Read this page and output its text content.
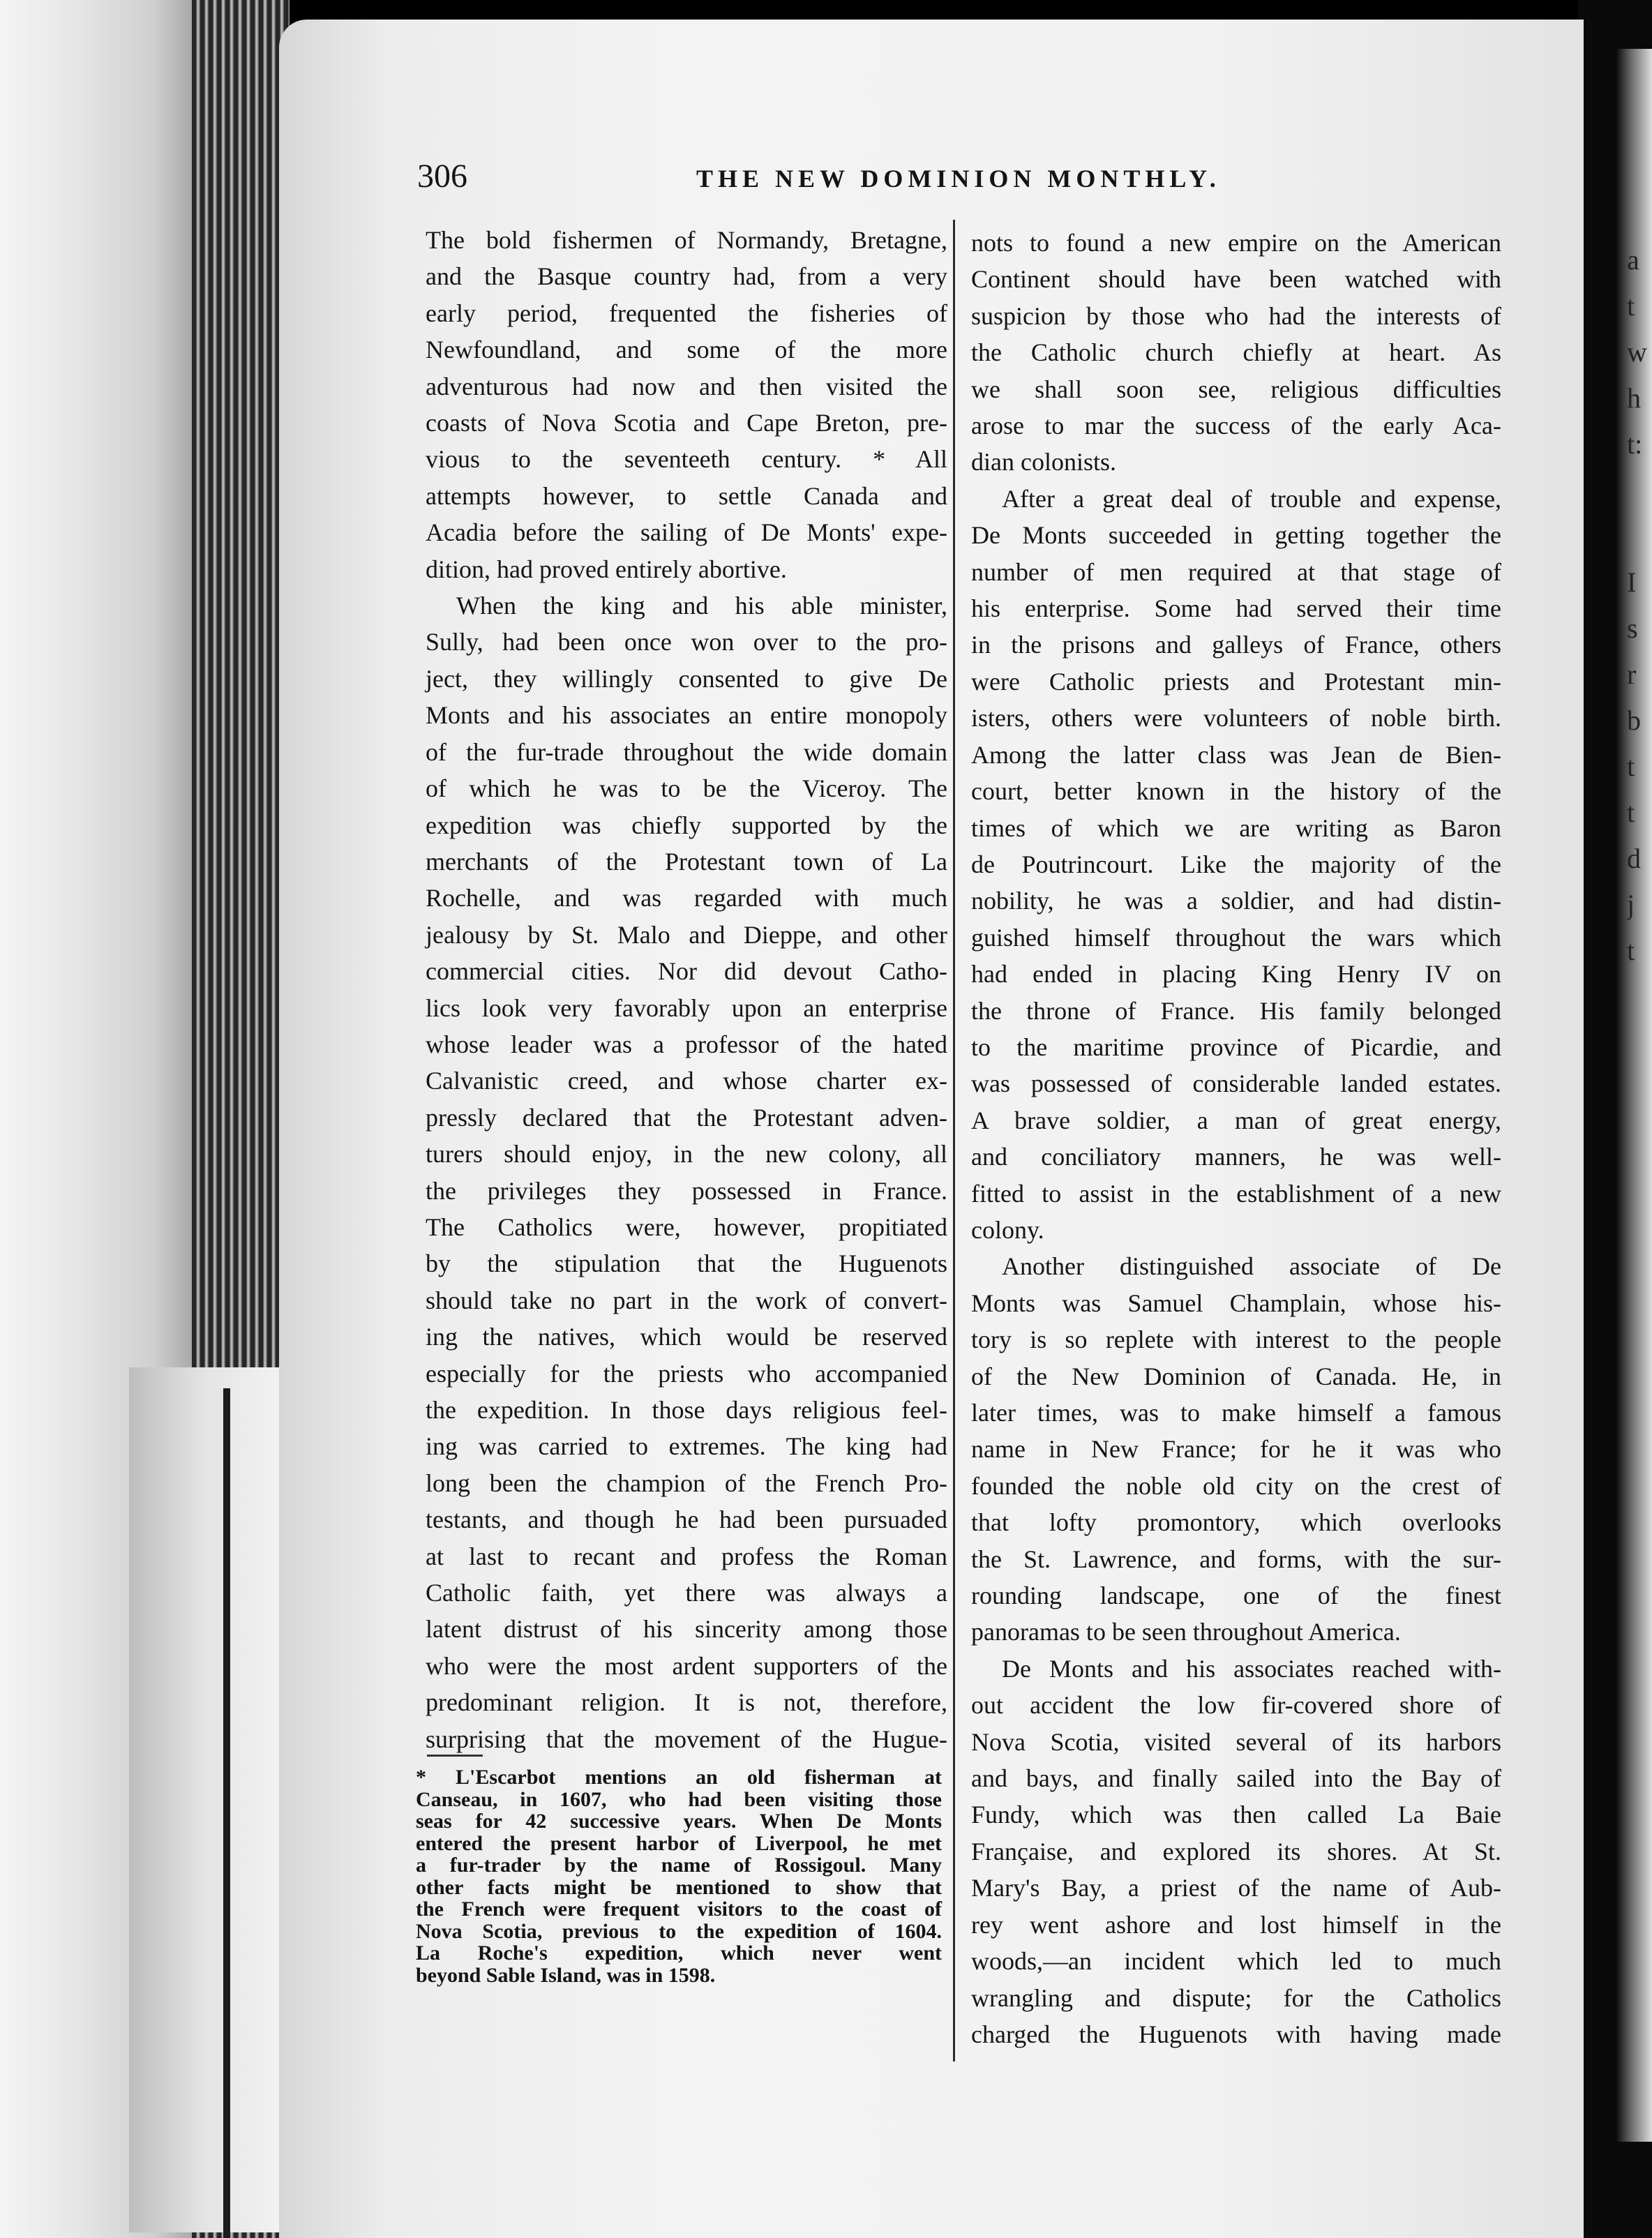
a
t
w
h
t:

I
s
r
b
t
t
d
j
t
306	THE NEW DOMINION MONTHLY.

The bold fishermen of Normandy, Bretagne,

and the Basque country had, from a very

early period, frequented the fisheries of

Newfoundland, and some of the more

adventurous had now and then visited the

coasts of Nova Scotia and Cape Breton, pre-

vious to the seventeeth century. * All

attempts however, to settle Canada and

Acadia before the sailing of De Monts' expe-

dition, had proved entirely abortive.

When the king and his able minister,

Sully, had been once won over to the pro-

ject, they willingly consented to give De

Monts and his associates an entire monopoly

of the fur-trade throughout the wide domain

of which he was to be the Viceroy. The

expedition was chiefly supported by the

merchants of the Protestant town of La

Rochelle, and was regarded with much

jealousy by St. Malo and Dieppe, and other

commercial cities. Nor did devout Catho-

lics look very favorably upon an enterprise

whose leader was a professor of the hated

Calvanistic creed, and whose charter ex-

pressly declared that the Protestant adven-

turers should enjoy, in the new colony, all

the privileges they possessed in France.

The Catholics were, however, propitiated

by the stipulation that the Huguenots

should take no part in the work of convert-

ing the natives, which would be reserved

especially for the priests who accompanied

the expedition. In those days religious feel-

ing was carried to extremes. The king had

long been the champion of the French Pro-

testants, and though he had been pursuaded

at last to recant and profess the Roman

Catholic faith, yet there was always a

latent distrust of his sincerity among those

who were the most ardent supporters of the

predominant religion. It is not, therefore,

surprising that the movement of the Hugue-

nots to found a new empire on the American

Continent should have been watched with

suspicion by those who had the interests of

the Catholic church chiefly at heart. As

we shall soon see, religious difficulties

arose to mar the success of the early Aca-

dian colonists.

After a great deal of trouble and expense,

De Monts succeeded in getting together the

number of men required at that stage of

his enterprise. Some had served their time

in the prisons and galleys of France, others

were Catholic priests and Protestant min-

isters, others were volunteers of noble birth.

Among the latter class was Jean de Bien-

court, better known in the history of the

times of which we are writing as Baron

de Poutrincourt. Like the majority of the

nobility, he was a soldier, and had distin-

guished himself throughout the wars which

had ended in placing King Henry IV on

the throne of France. His family belonged

to the maritime province of Picardie, and

was possessed of considerable landed estates.

A brave soldier, a man of great energy,

and conciliatory manners, he was well-

fitted to assist in the establishment of a new

colony.

Another distinguished associate of De

Monts was Samuel Champlain, whose his-

tory is so replete with interest to the people

of the New Dominion of Canada. He, in

later times, was to make himself a famous

name in New France; for he it was who

founded the noble old city on the crest of

that lofty promontory, which overlooks

the St. Lawrence, and forms, with the sur-

rounding landscape, one of the finest

panoramas to be seen throughout America.

De Monts and his associates reached with-

out accident the low fir-covered shore of

Nova Scotia, visited several of its harbors

and bays, and finally sailed into the Bay of

Fundy, which was then called La Baie

Française, and explored its shores. At St.

Mary's Bay, a priest of the name of Aub-

rey went ashore and lost himself in the

woods,—an incident which led to much

wrangling and dispute; for the Catholics

charged the Huguenots with having made

* L'Escarbot mentions an old fisherman at

Canseau, in 1607, who had been visiting those

seas for 42 successive years. When De Monts

entered the present harbor of Liverpool, he met

a fur-trader by the name of Rossigoul. Many

other facts might be mentioned to show that

the French were frequent visitors to the coast of

Nova Scotia, previous to the expedition of 1604.

La Roche's expedition, which never went

beyond Sable Island, was in 1598.
